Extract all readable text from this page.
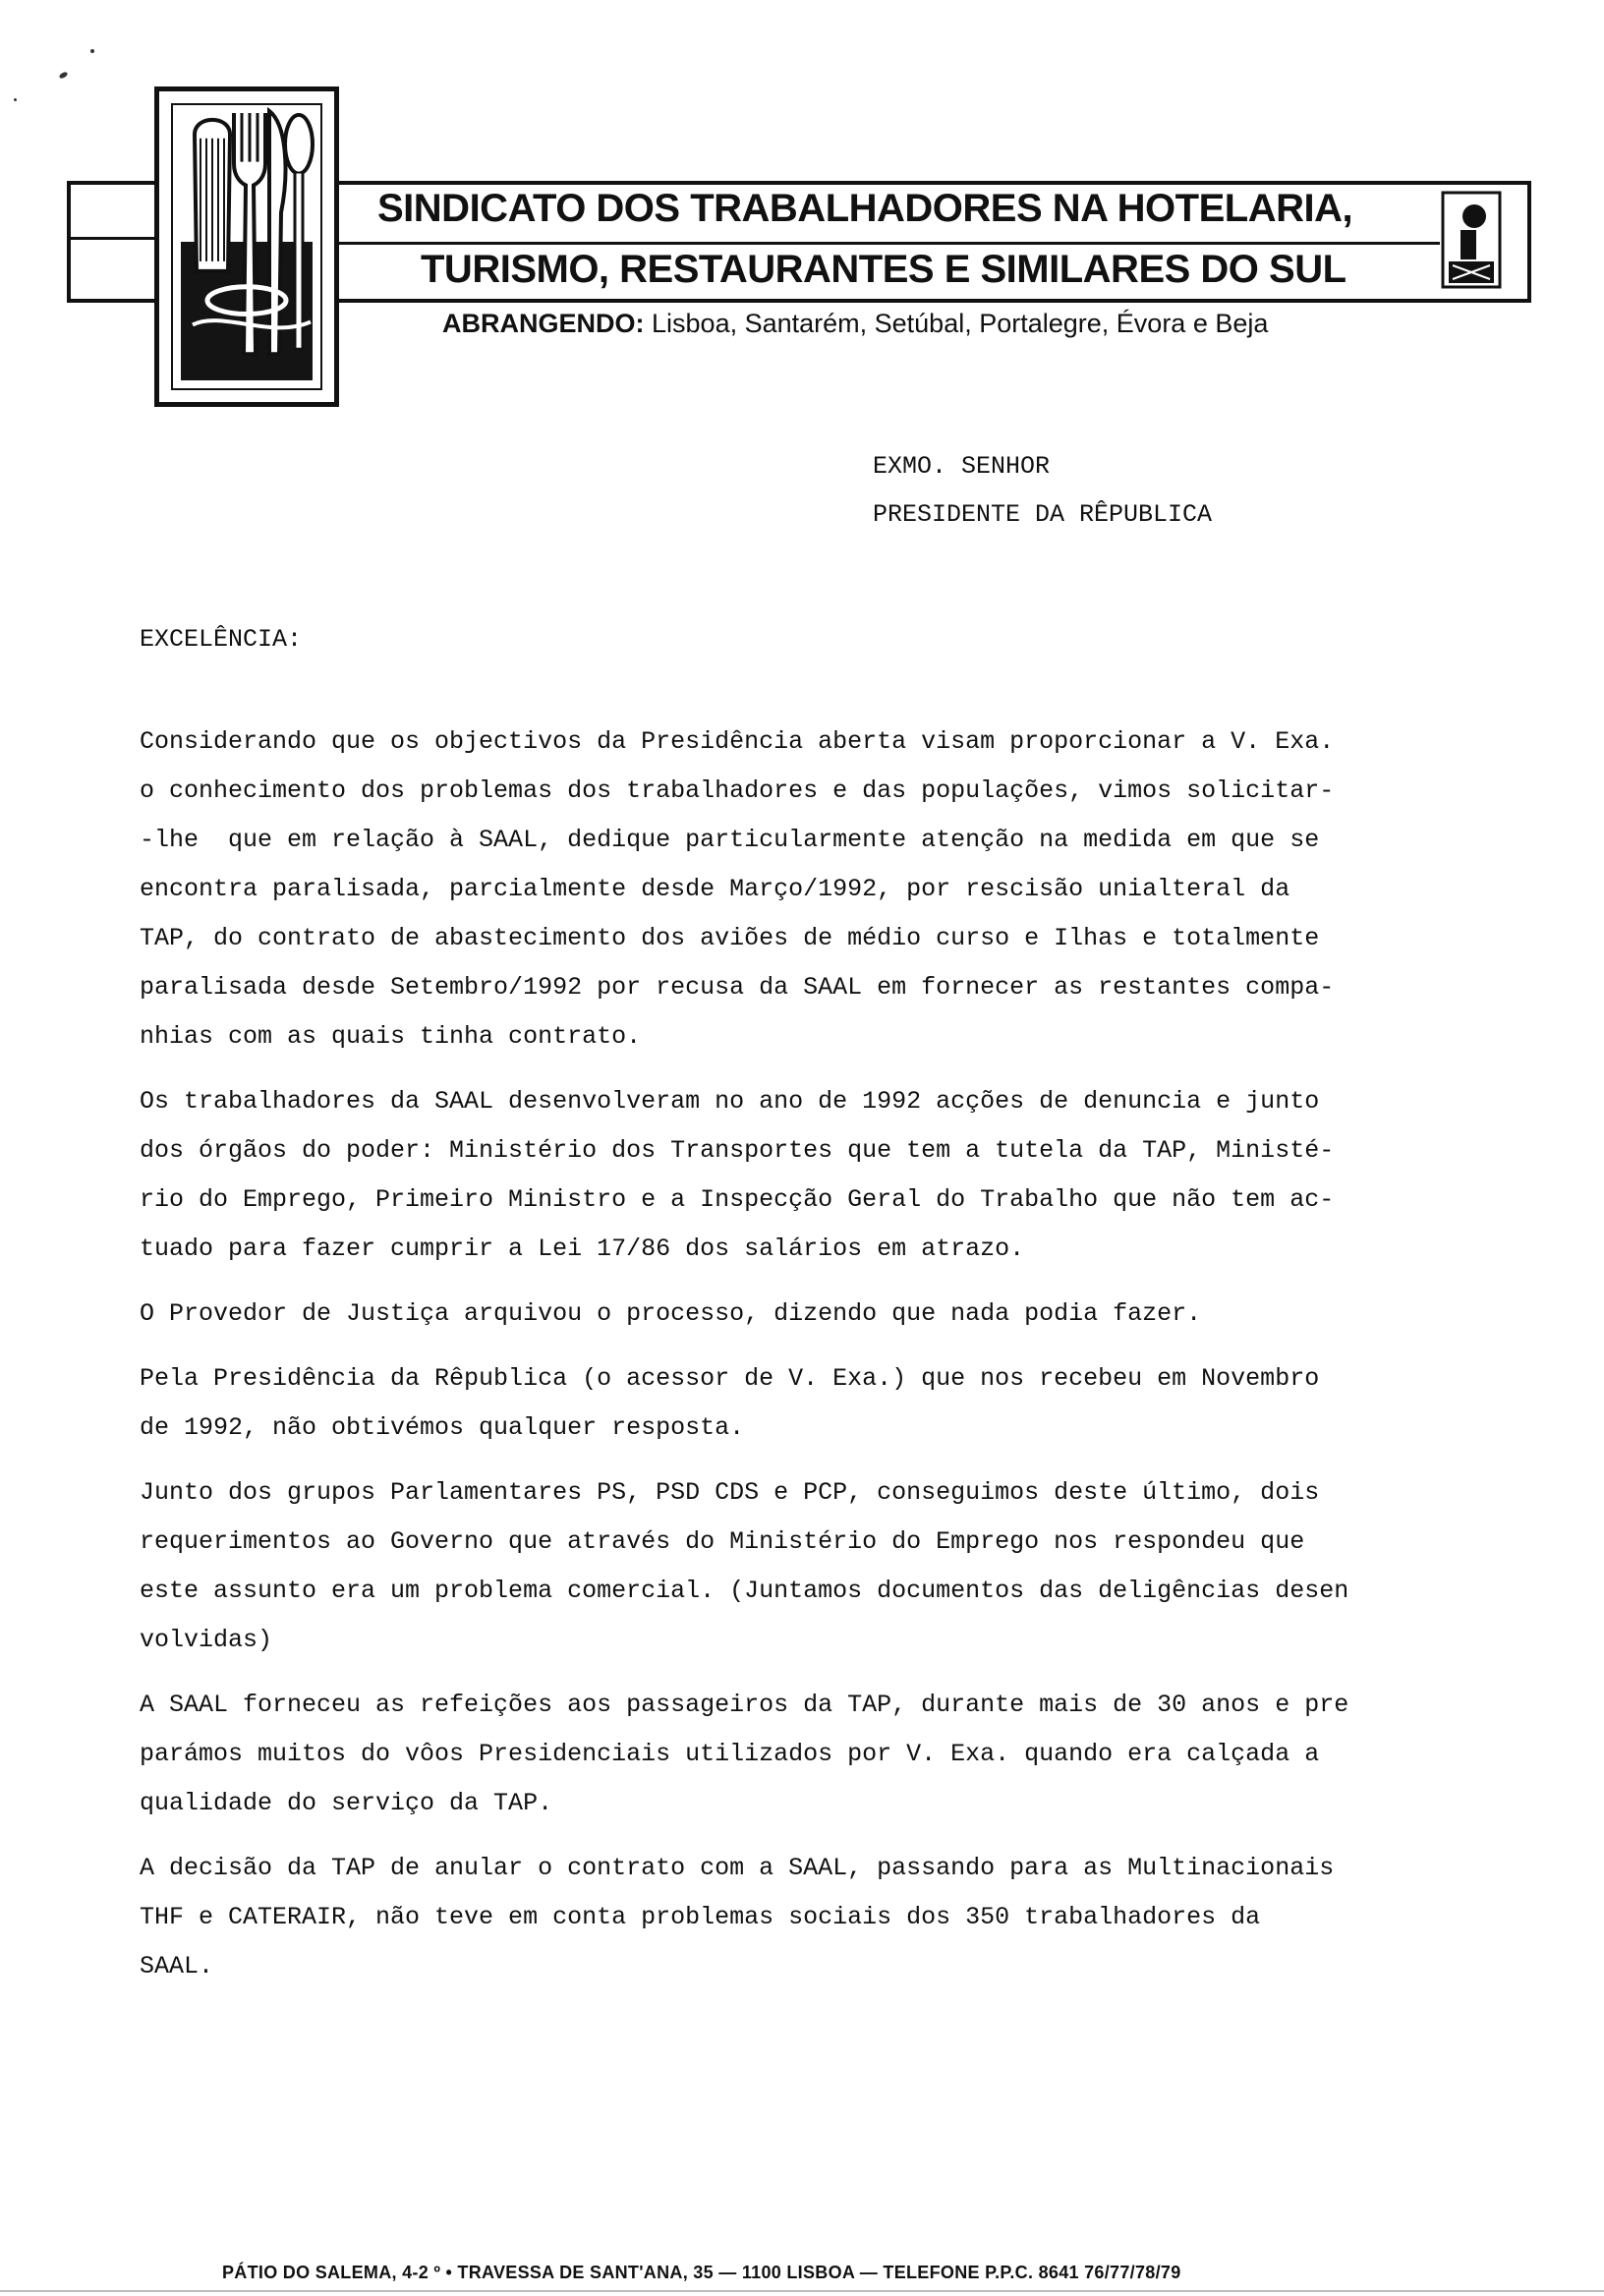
SINDICATO DOS TRABALHADORES NA HOTELARIA,
TURISMO, RESTAURANTES E SIMILARES DO SUL
ABRANGENDO: Lisboa, Santarém, Setúbal, Portalegre, Évora e Beja
EXMO. SENHOR
PRESIDENTE DA RÊPUBLICA
EXCELÊNCIA:
Considerando que os objectivos da Presidência aberta visam proporcionar a V. Exa.
o conhecimento dos problemas dos trabalhadores e das populações, vimos solicitar-
-lhe  que em relação à SAAL, dedique particularmente atenção na medida em que se
encontra paralisada, parcialmente desde Março/1992, por rescisão unialteral da
TAP, do contrato de abastecimento dos aviões de médio curso e Ilhas e totalmente
paralisada desde Setembro/1992 por recusa da SAAL em fornecer as restantes compa-
nhias com as quais tinha contrato.
Os trabalhadores da SAAL desenvolveram no ano de 1992 acções de denuncia e junto
dos órgãos do poder: Ministério dos Transportes que tem a tutela da TAP, Ministé-
rio do Emprego, Primeiro Ministro e a Inspecção Geral do Trabalho que não tem ac-
tuado para fazer cumprir a Lei 17/86 dos salários em atrazo.
O Provedor de Justiça arquivou o processo, dizendo que nada podia fazer.
Pela Presidência da Rêpublica (o acessor de V. Exa.) que nos recebeu em Novembro
de 1992, não obtivémos qualquer resposta.
Junto dos grupos Parlamentares PS, PSD CDS e PCP, conseguimos deste último, dois
requerimentos ao Governo que através do Ministério do Emprego nos respondeu que
este assunto era um problema comercial. (Juntamos documentos das deligências desen
volvidas)
A SAAL forneceu as refeições aos passageiros da TAP, durante mais de 30 anos e pre
parámos muitos do vôos Presidenciais utilizados por V. Exa. quando era calçada a
qualidade do serviço da TAP.
A decisão da TAP de anular o contrato com a SAAL, passando para as Multinacionais
THF e CATERAIR, não teve em conta problemas sociais dos 350 trabalhadores da
SAAL.
PÁTIO DO SALEMA, 4-2 º • TRAVESSA DE SANT'ANA, 35 — 1100 LISBOA — TELEFONE P.P.C. 8641 76/77/78/79
